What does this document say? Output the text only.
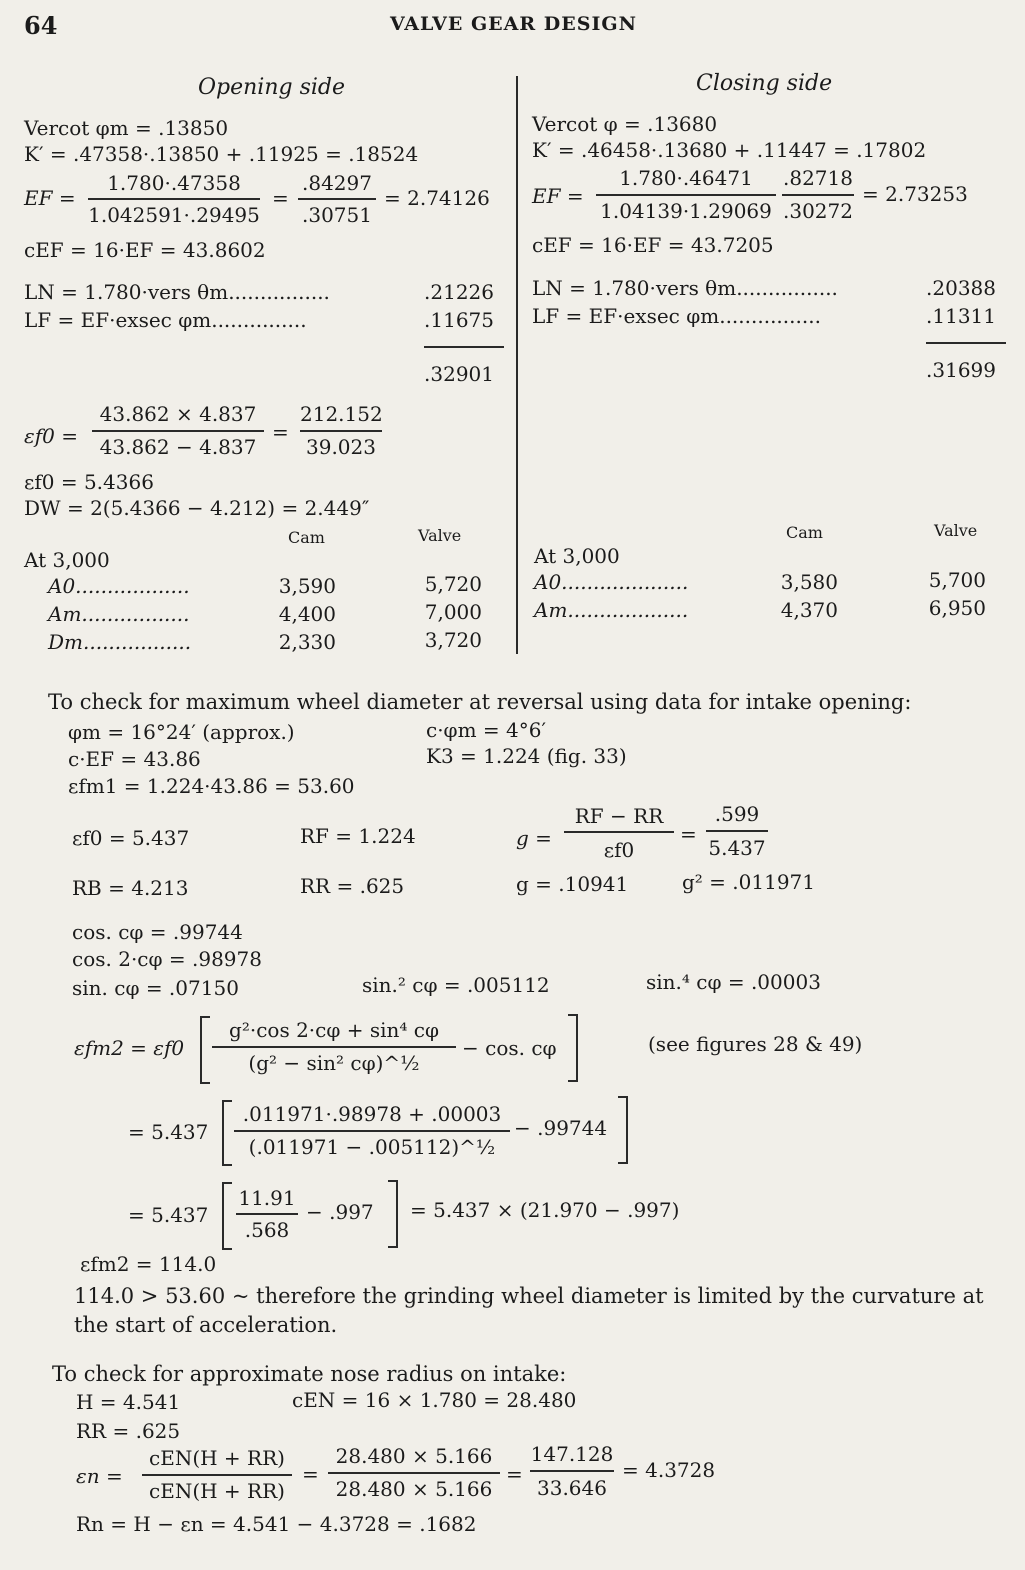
64	VALVE GEAR DESIGN
Opening side
Vercot φm = .13850
K′ = .47358·.13850 + .11925 = .18524
EF =
1.780·.47358
1.042591·.29495
=
.84297
.30751
= 2.74126
cEF = 16·EF = 43.8602
LN = 1.780·vers θm................	.21226
LF = EF·exsec φm...............	.11675
.32901
εf0 =
43.862 × 4.837
43.862 − 4.837
=
212.152
39.023
εf0 = 5.4366
DW = 2(5.4366 − 4.212) = 2.449″
Cam	Valve
At 3,000
A0..................	3,590	5,720
Am.................	4,400	7,000
Dm.................	2,330	3,720
Closing side
Vercot φ = .13680
K′ = .46458·.13680 + .11447 = .17802
EF =
1.780·.46471
1.04139·1.29069
.82718
.30272
= 2.73253
cEF = 16·EF = 43.7205
LN = 1.780·vers θm................	.20388
LF = EF·exsec φm................	.11311
.31699
Cam	Valve
At 3,000
A0....................	3,580	5,700
Am...................	4,370	6,950
To check for maximum wheel diameter at reversal using data for intake opening:
φm = 16°24′ (approx.)	c·φm = 4°6′
c·EF = 43.86	K3 = 1.224 (fig. 33)
εfm1 = 1.224·43.86 = 53.60
εf0 = 5.437	RF = 1.224	g =
RF − RR
εf0
=
.599
5.437
RB = 4.213	RR = .625	g = .10941	g² = .011971
cos. cφ = .99744
cos. 2·cφ = .98978
sin. cφ = .07150	sin.² cφ = .005112	sin.⁴ cφ = .00003
εfm2 = εf0
g²·cos 2·cφ + sin⁴ cφ
(g² − sin² cφ)^½
− cos. cφ	(see figures 28 & 49)
= 5.437
.011971·.98978 + .00003
(.011971 − .005112)^½
− .99744
= 5.437
11.91
.568
− .997 = 5.437 × (21.970 − .997)
εfm2 = 114.0
114.0 > 53.60 ~ therefore the grinding wheel diameter is limited by the curvature at
the start of acceleration.
To check for approximate nose radius on intake:
H = 4.541	cEN = 16 × 1.780 = 28.480
RR = .625
εn =
cEN(H + RR)
cEN(H + RR)
=
28.480 × 5.166
28.480 × 5.166
=
147.128
33.646
= 4.3728
Rn = H − εn = 4.541 − 4.3728 = .1682
